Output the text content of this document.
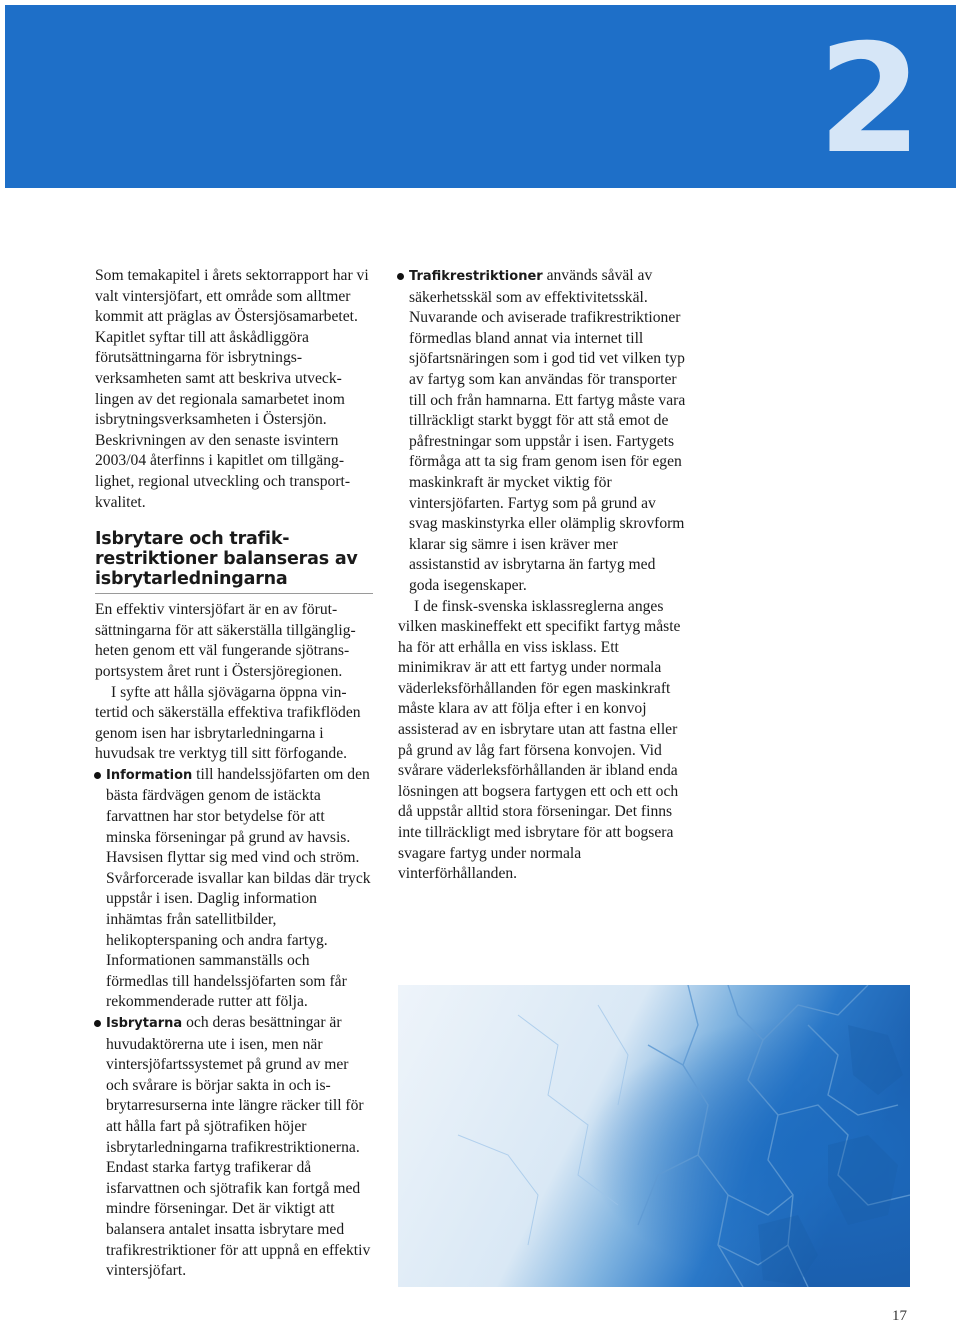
2

Som temakapitel i årets sektorrapport har vi valt vintersjöfart, ett område som alltmer kommit att präglas av Östersjösamarbetet. Kapitlet syftar till att åskådliggöra förutsättningarna för isbrytningsverksamheten samt att beskriva utvecklingen av det regionala samarbetet inom isbrytningsverksamheten i Östersjön.

Beskrivningen av den senaste isvintern 2003/04 återfinns i kapitlet om tillgänglighet, regional utveckling och transportkvalitet.

Isbrytare och trafikrestriktioner balanseras av isbrytarledningarna

En effektiv vintersjöfart är en av förutsättningarna för att säkerställa tillgängligheten genom ett väl fungerande sjötransportsystem året runt i Östersjöregionen.

I syfte att hålla sjövägarna öppna vintertid och säkerställa effektiva trafikflöden genom isen har isbrytarledningarna i huvudsak tre verktyg till sitt förfogande.

Information till handelssjöfarten om den bästa färdvägen genom de istäckta farvattnen har stor betydelse för att minska förseningar på grund av havsis. Havsisen flyttar sig med vind och ström. Svårforcerade isvallar kan bildas där tryck uppstår i isen. Daglig information inhämtas från satellitbilder, helikopterspaning och andra fartyg. Informationen sammanställs och förmedlas till handelssjöfarten som får rekommenderade rutter att följa.

Isbrytarna och deras besättningar är huvudaktörerna ute i isen, men när vintersjöfartssystemet på grund av mer och svårare is börjar sakta in och isbrytarresurserna inte längre räcker till för att hålla fart på sjötrafiken höjer isbrytarledningarna trafikrestriktionerna. Endast starka fartyg trafikerar då isfarvattnen och sjötrafik kan fortgå med mindre förseningar. Det är viktigt att balansera antalet insatta isbrytare med trafikrestriktioner för att uppnå en effektiv vintersjöfart.

Trafikrestriktioner används såväl av säkerhetsskäl som av effektivitetsskäl. Nuvarande och aviserade trafikrestriktioner förmedlas bland annat via internet till sjöfartsnäringen som i god tid vet vilken typ av fartyg som kan användas för transporter till och från hamnarna. Ett fartyg måste vara tillräckligt starkt byggt för att stå emot de påfrestningar som uppstår i isen. Fartygets förmåga att ta sig fram genom isen för egen maskinkraft är mycket viktig för vintersjöfarten. Fartyg som på grund av svag maskinstyrka eller olämplig skrovform klarar sig sämre i isen kräver mer assistanstid av isbrytarna än fartyg med goda isegenskaper.

I de finsk-svenska isklassreglerna anges vilken maskineffekt ett specifikt fartyg måste ha för att erhålla en viss isklass. Ett minimikrav är att ett fartyg under normala väderleksförhållanden för egen maskinkraft måste klara av att följa efter i en konvoj assisterad av en isbrytare utan att fastna eller på grund av låg fart försena konvojen. Vid svårare väderleksförhållanden är ibland enda lösningen att bogsera fartygen ett och ett och då uppstår alltid stora förseningar. Det finns inte tillräckligt med isbrytare för att bogsera svagare fartyg under normala vinterförhållanden.

17
